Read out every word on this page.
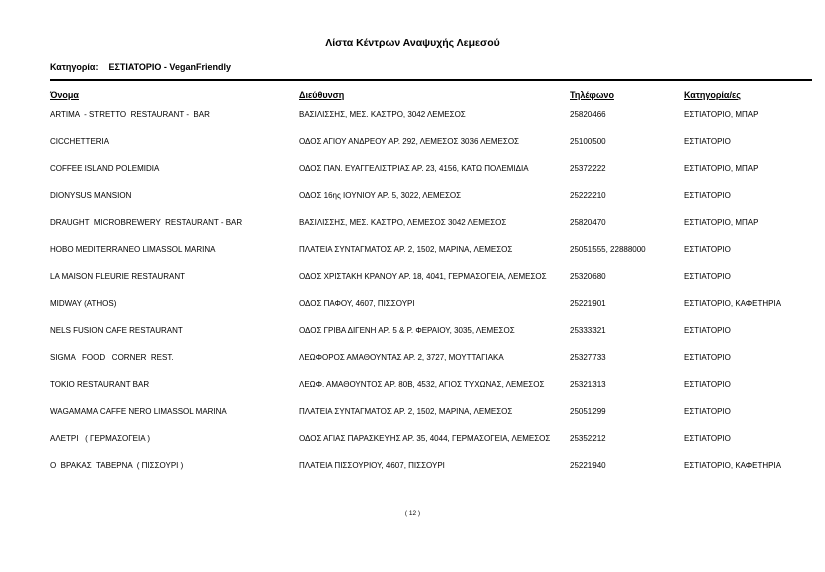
Λίστα Κέντρων Αναψυχής Λεμεσού
Κατηγορία:    ΕΣΤΙΑΤΟΡΙΟ - VeganFriendly
Όνομα	Διεύθυνση	Τηλέφωνο	Κατηγορία/ες
ARTIMA  - STRETTO  RESTAURANT -  BAR	ΒΑΣΙΛΙΣΣΗΣ, ΜΕΣ. ΚΑΣΤΡΟ, 3042 ΛΕΜΕΣΟΣ	25820466	ΕΣΤΙΑΤΟΡΙΟ, ΜΠΑΡ
CICCHETTERIA	ΟΔΟΣ ΑΓΙΟΥ ΑΝΔΡΕΟΥ ΑΡ. 292, ΛΕΜΕΣΟΣ 3036 ΛΕΜΕΣΟΣ	25100500	ΕΣΤΙΑΤΟΡΙΟ
COFFEE ISLAND POLEMIDIA	ΟΔΟΣ ΠΑΝ. ΕΥΑΓΓΕΛΙΣΤΡΙΑΣ ΑΡ. 23, 4156, ΚΑΤΩ ΠΟΛΕΜΙΔΙΑ	25372222	ΕΣΤΙΑΤΟΡΙΟ, ΜΠΑΡ
DIONYSUS MANSION	ΟΔΟΣ 16ης ΙΟΥΝΙΟΥ ΑΡ. 5, 3022, ΛΕΜΕΣΟΣ	25222210	ΕΣΤΙΑΤΟΡΙΟ
DRAUGHT  MICROBREWERY  RESTAURANT - BAR	ΒΑΣΙΛΙΣΣΗΣ, ΜΕΣ. ΚΑΣΤΡΟ, ΛΕΜΕΣΟΣ 3042 ΛΕΜΕΣΟΣ	25820470	ΕΣΤΙΑΤΟΡΙΟ, ΜΠΑΡ
HOBO MEDITERRANEO LIMASSOL MARINA	ΠΛΑΤΕΙΑ ΣΥΝΤΑΓΜΑΤΟΣ ΑΡ. 2, 1502, ΜΑΡΙΝΑ, ΛΕΜΕΣΟΣ	25051555, 22888000	ΕΣΤΙΑΤΟΡΙΟ
LA MAISON FLEURIE RESTAURANT	ΟΔΟΣ ΧΡΙΣΤΑΚΗ ΚΡΑΝΟΥ ΑΡ. 18, 4041, ΓΕΡΜΑΣΟΓΕΙΑ, ΛΕΜΕΣΟΣ	25320680	ΕΣΤΙΑΤΟΡΙΟ
MIDWAY (ATHOS)	ΟΔΟΣ ΠΑΦΟΥ, 4607, ΠΙΣΣΟΥΡΙ	25221901	ΕΣΤΙΑΤΟΡΙΟ, ΚΑΦΕΤΗΡΙΑ
NELS FUSION CAFE RESTAURANT	ΟΔΟΣ ΓΡΙΒΑ ΔΙΓΕΝΗ ΑΡ. 5 & Ρ. ΦΕΡΑΙΟΥ, 3035, ΛΕΜΕΣΟΣ	25333321	ΕΣΤΙΑΤΟΡΙΟ
SIGMA   FOOD   CORNER  REST.	ΛΕΩΦΟΡΟΣ ΑΜΑΘΟΥΝΤΑΣ ΑΡ. 2, 3727, ΜΟΥΤΤΑΓΙΑΚΑ	25327733	ΕΣΤΙΑΤΟΡΙΟ
TOKIO RESTAURANT BAR	ΛΕΩΦ. ΑΜΑΘΟΥΝΤΟΣ ΑΡ. 80Β, 4532, ΑΓΙΟΣ ΤΥΧΩΝΑΣ, ΛΕΜΕΣΟΣ	25321313	ΕΣΤΙΑΤΟΡΙΟ
WAGAMAMA CAFFE NERO LIMASSOL MARINA	ΠΛΑΤΕΙΑ ΣΥΝΤΑΓΜΑΤΟΣ ΑΡ. 2, 1502, ΜΑΡΙΝΑ, ΛΕΜΕΣΟΣ	25051299	ΕΣΤΙΑΤΟΡΙΟ
ΑΛΕΤΡΙ   ( ΓΕΡΜΑΣΟΓΕΙΑ )	ΟΔΟΣ ΑΓΙΑΣ ΠΑΡΑΣΚΕΥΗΣ ΑΡ. 35, 4044, ΓΕΡΜΑΣΟΓΕΙΑ, ΛΕΜΕΣΟΣ	25352212	ΕΣΤΙΑΤΟΡΙΟ
Ο  ΒΡΑΚΑΣ  ΤΑΒΕΡΝΑ  ( ΠΙΣΣΟΥΡΙ )	ΠΛΑΤΕΙΑ ΠΙΣΣΟΥΡΙΟΥ, 4607, ΠΙΣΣΟΥΡΙ	25221940	ΕΣΤΙΑΤΟΡΙΟ, ΚΑΦΕΤΗΡΙΑ
( 12 )
